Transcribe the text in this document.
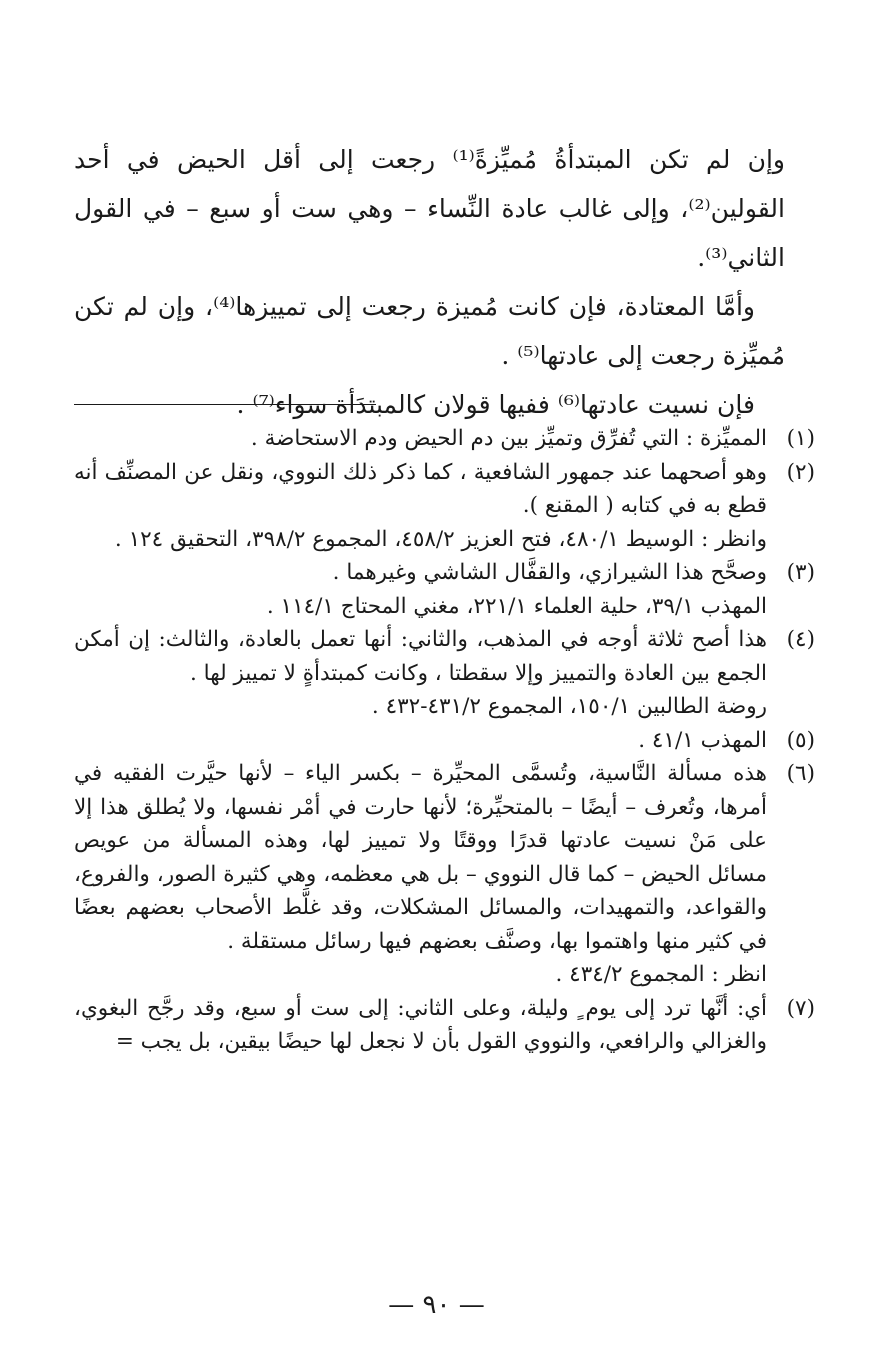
وإن لم تكن المبتدأةُ مُميِّزةً⁽¹⁾ رجعت إلى أقل الحيض في أحد القولين⁽²⁾، وإلى غالب عادة النِّساء – وهي ست أو سبع – في القول الثاني⁽³⁾.

وأمَّا المعتادة، فإن كانت مُميزة رجعت إلى تمييزها⁽⁴⁾، وإن لم تكن مُميِّزة رجعت إلى عادتها⁽⁵⁾ .

فإن نسيت عادتها⁽⁶⁾ ففيها قولان كالمبتدَأة سواء⁽⁷⁾ .

(١)
المميِّزة : التي تُفرِّق وتميِّز بين دم الحيض ودم الاستحاضة .
(٢)
وهو أصحهما عند جمهور الشافعية ، كما ذكر ذلك النووي، ونقل عن المصنِّف أنه قطع به في كتابه ( المقنع ).
وانظر : الوسيط ٤٨٠/١، فتح العزيز ٤٥٨/٢، المجموع ٣٩٨/٢، التحقيق ١٢٤ .
(٣)
وصحَّح هذا الشيرازي، والقفَّال الشاشي وغيرهما .
المهذب ٣٩/١، حلية العلماء ٢٢١/١، مغني المحتاج ١١٤/١ .
(٤)
هذا أصح ثلاثة أوجه في المذهب، والثاني: أنها تعمل بالعادة، والثالث: إن أمكن الجمع بين العادة والتمييز وإلا سقطتا ، وكانت كمبتدأةٍ لا تمييز لها .
روضة الطالبين ١٥٠/١، المجموع ٤٣١/٢-٤٣٢ .
(٥)
المهذب ٤١/١ .
(٦)
هذه مسألة النَّاسية، وتُسمَّى المحيِّرة – بكسر الياء – لأنها حيَّرت الفقيه في أمرها، وتُعرف – أيضًا – بالمتحيِّرة؛ لأنها حارت في أمْر نفسها، ولا يُطلق هذا إلا على مَنْ نسيت عادتها قدرًا ووقتًا ولا تمييز لها، وهذه المسألة من عويص مسائل الحيض – كما قال النووي – بل هي معظمه، وهي كثيرة الصور، والفروع، والقواعد، والتمهيدات، والمسائل المشكلات، وقد غلَّط الأصحاب بعضهم بعضًا في كثير منها واهتموا بها، وصنَّف بعضهم فيها رسائل مستقلة .
انظر : المجموع ٤٣٤/٢ .
(٧)
أي: أنَّها ترد إلى يوم ٍ وليلة، وعلى الثاني: إلى ست أو سبع، وقد رجَّح البغوي، والغزالي والرافعي، والنووي القول بأن لا نجعل لها حيضًا بيقين، بل يجب =
— ٩٠ —
